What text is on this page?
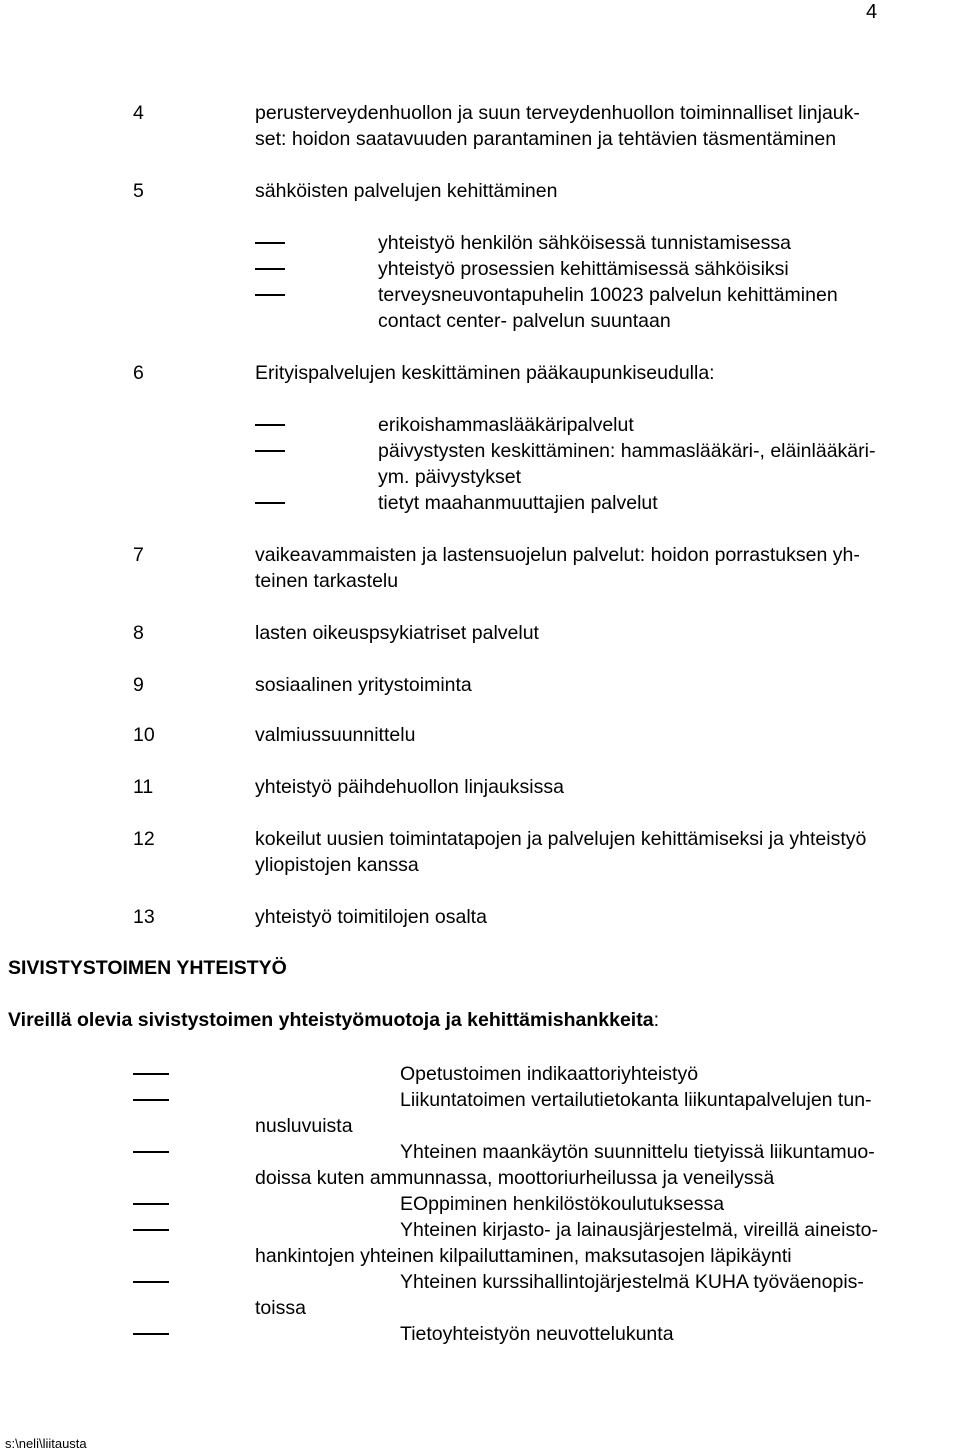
4
4	perusterveydenhuollon ja suun terveydenhuollon toiminnalliset linjauk-
set: hoidon saatavuuden parantaminen ja tehtävien täsmentäminen
5	sähköisten palvelujen kehittäminen
yhteistyö henkilön sähköisessä tunnistamisessa
yhteistyö prosessien kehittämisessä sähköisiksi
terveysneuvontapuhelin 10023 palvelun kehittäminen
contact center- palvelun suuntaan
6	Erityispalvelujen keskittäminen pääkaupunkiseudulla:
erikoishammaslääkäripalvelut
päivystysten keskittäminen: hammaslääkäri-, eläinlääkäri-
ym. päivystykset
tietyt maahanmuuttajien palvelut
7	vaikeavammaisten ja lastensuojelun palvelut: hoidon porrastuksen yh-
teinen tarkastelu
8	lasten oikeuspsykiatriset palvelut
9	sosiaalinen yritystoiminta
10	valmiussuunnittelu
11	yhteistyö päihdehuollon linjauksissa
12	kokeilut uusien toimintatapojen ja palvelujen kehittämiseksi ja yhteistyö
yliopistojen kanssa
13	yhteistyö toimitilojen osalta
SIVISTYSTOIMEN YHTEISTYÖ
Vireillä olevia sivistystoimen yhteistyömuotoja ja kehittämishankkeita:
Opetustoimen indikaattoriyhteistyö
Liikuntatoimen vertailutietokanta liikuntapalvelujen tun-
nusluvuista
Yhteinen maankäytön suunnittelu tietyissä liikuntamuo-
doissa kuten ammunnassa, moottoriurheilussa ja veneilyssä
EOppiminen henkilöstökoulutuksessa
Yhteinen kirjasto- ja lainausjärjestelmä, vireillä aineisto-
hankintojen yhteinen kilpailuttaminen, maksutasojen läpikäynti
Yhteinen kurssihallintojärjestelmä KUHA työväenopis-
toissa
Tietoyhteistyön neuvottelukunta
s:\neli\liitausta
